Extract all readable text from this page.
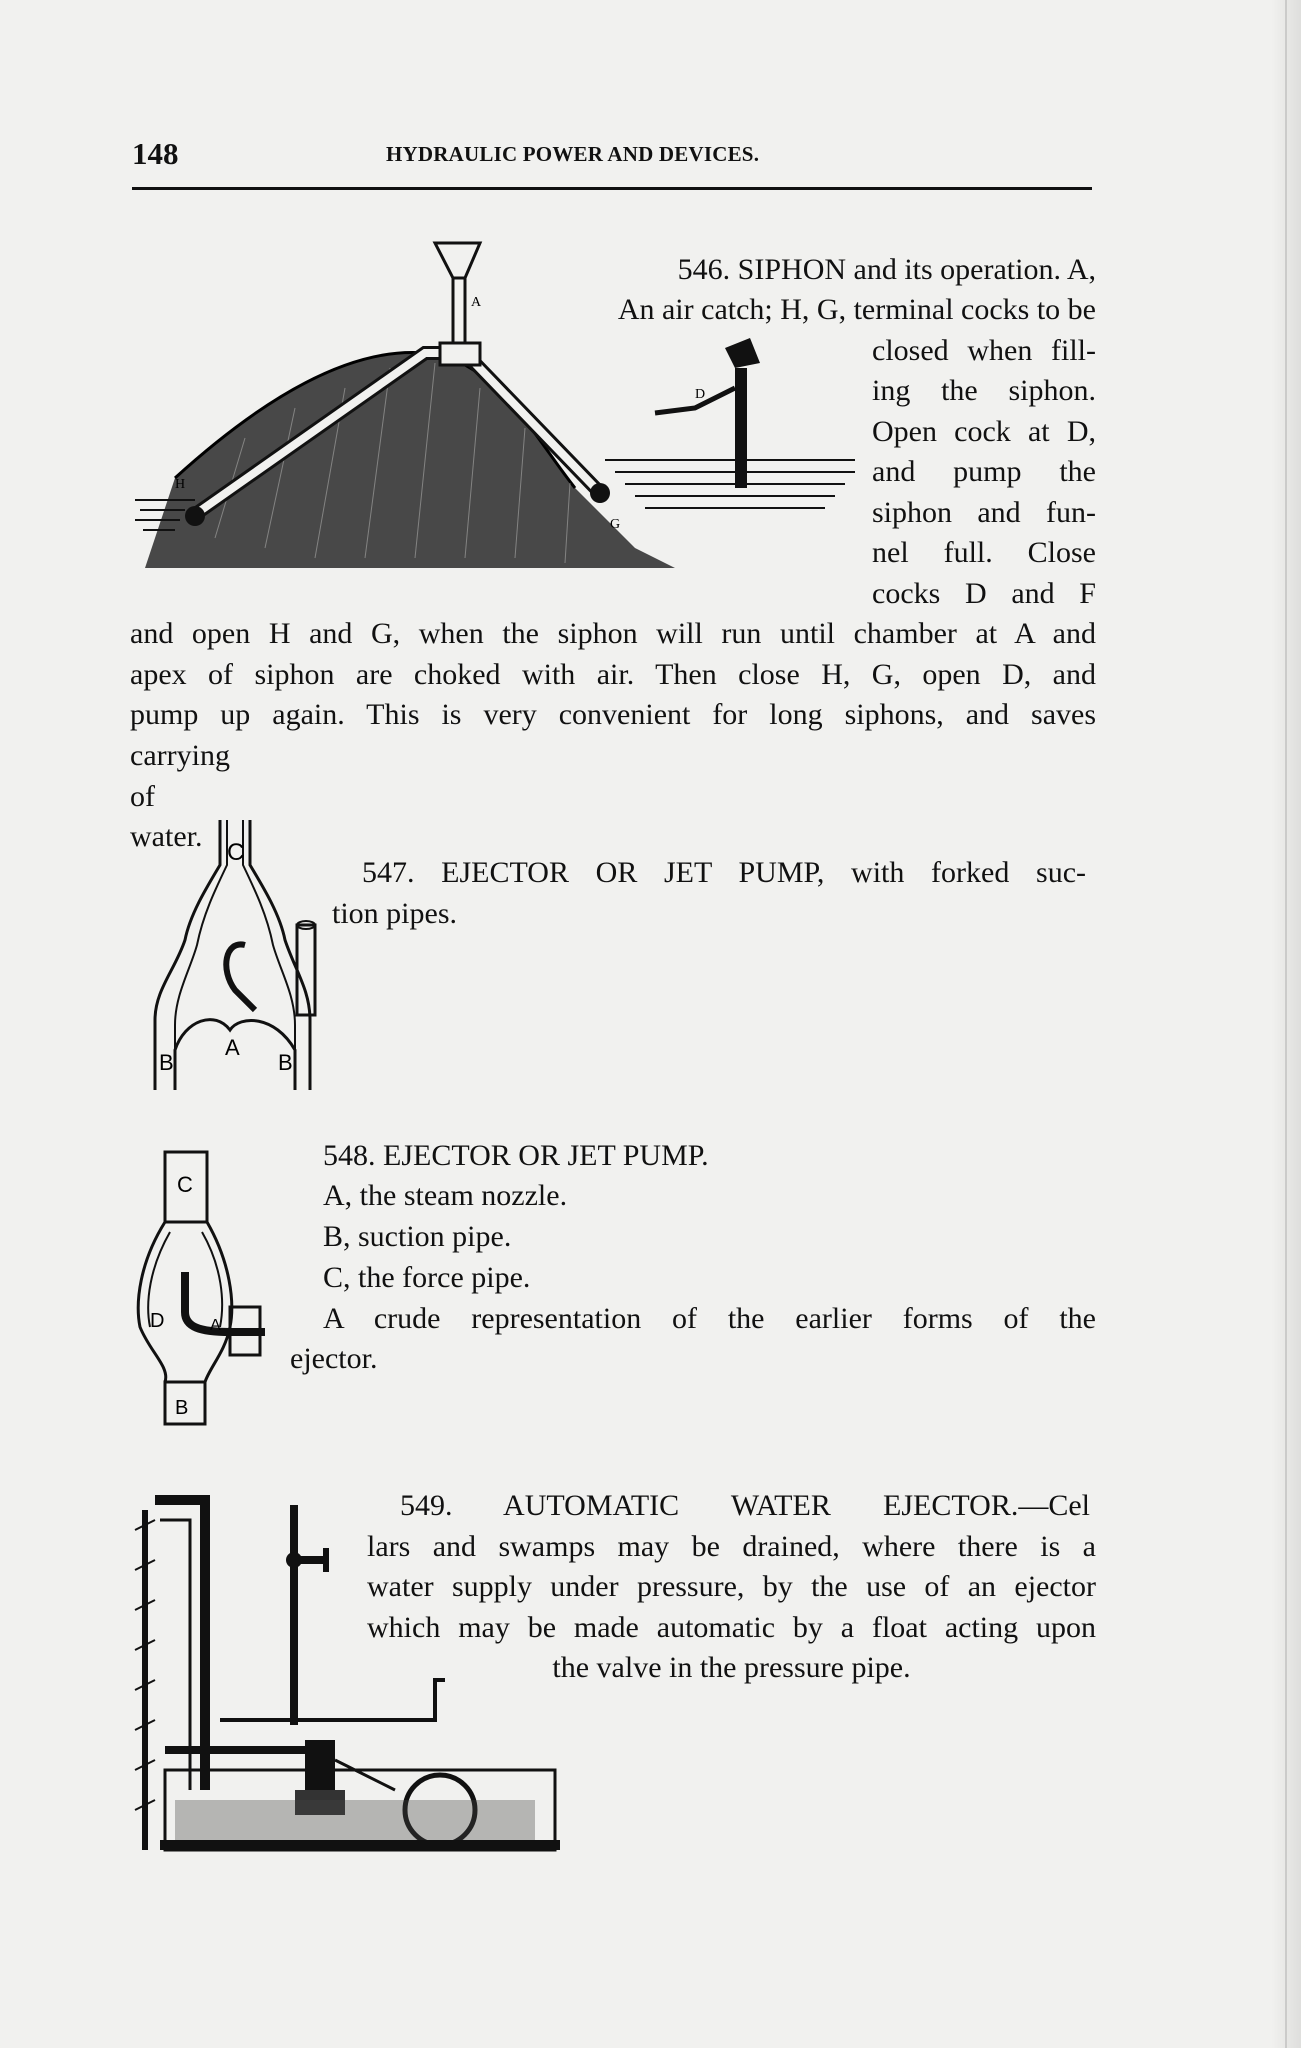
148	HYDRAULIC POWER AND DEVICES.
A
G
H
D
546. SIPHON and its operation. A,
An air catch; H, G, terminal cocks to be
closed when fill-
ing the siphon.
Open cock at D,
and pump the
siphon and fun-
nel full. Close
cocks D and F
and open H and G, when the siphon will run until chamber at A and
apex of siphon are choked with air. Then close H, G, open D, and
pump up again. This is very convenient for long siphons, and saves
carrying of water.	C
A
B	B
547. EJECTOR OR JET PUMP, with forked suc-
tion pipes.
C
D	A
B
548. EJECTOR OR JET PUMP.
A, the steam nozzle.
B, suction pipe.
C, the force pipe.
A crude representation of the earlier forms of the
ejector.
549. AUTOMATIC WATER EJECTOR.—Cel
lars and swamps may be drained, where there is a
water supply under pressure, by the use of an ejector
which may be made automatic by a float acting upon
the valve in the pressure pipe.
